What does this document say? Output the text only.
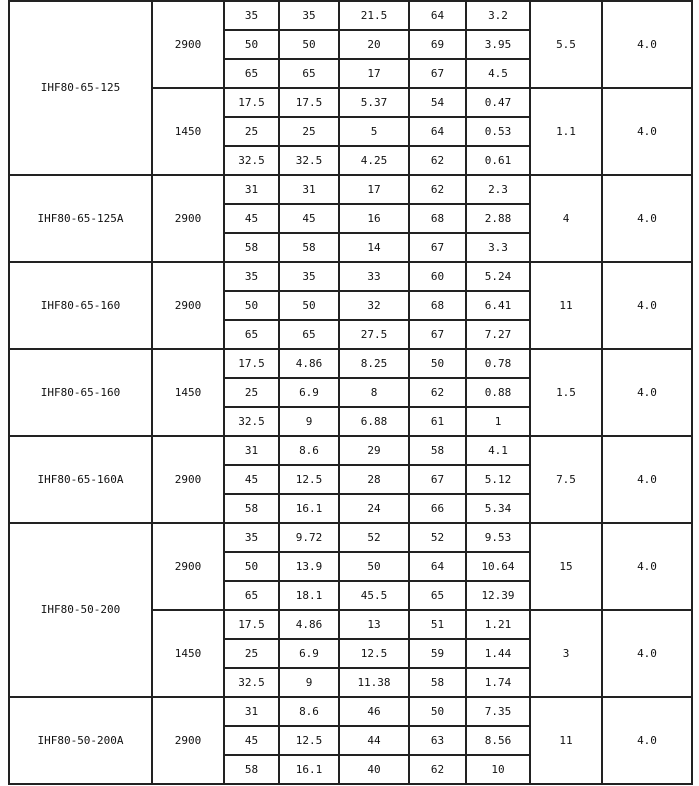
IHF80-65-125	2900	35	35	21.5	64	3.2	5.5	4.0
		50	50	20	69	3.95		
		65	65	17	67	4.5		
	1450	17.5	17.5	5.37	54	0.47	1.1	4.0
		25	25	5	64	0.53		
		32.5	32.5	4.25	62	0.61		
IHF80-65-125A	2900	31	31	17	62	2.3	4	4.0
		45	45	16	68	2.88		
		58	58	14	67	3.3		
IHF80-65-160	2900	35	35	33	60	5.24	11	4.0
		50	50	32	68	6.41		
		65	65	27.5	67	7.27		
IHF80-65-160	1450	17.5	4.86	8.25	50	0.78	1.5	4.0
		25	6.9	8	62	0.88		
		32.5	9	6.88	61	1		
IHF80-65-160A	2900	31	8.6	29	58	4.1	7.5	4.0
		45	12.5	28	67	5.12		
		58	16.1	24	66	5.34		
IHF80-50-200	2900	35	9.72	52	52	9.53	15	4.0
		50	13.9	50	64	10.64		
		65	18.1	45.5	65	12.39		
	1450	17.5	4.86	13	51	1.21	3	4.0
		25	6.9	12.5	59	1.44		
		32.5	9	11.38	58	1.74		
IHF80-50-200A	2900	31	8.6	46	50	7.35	11	4.0
		45	12.5	44	63	8.56		
		58	16.1	40	62	10		
